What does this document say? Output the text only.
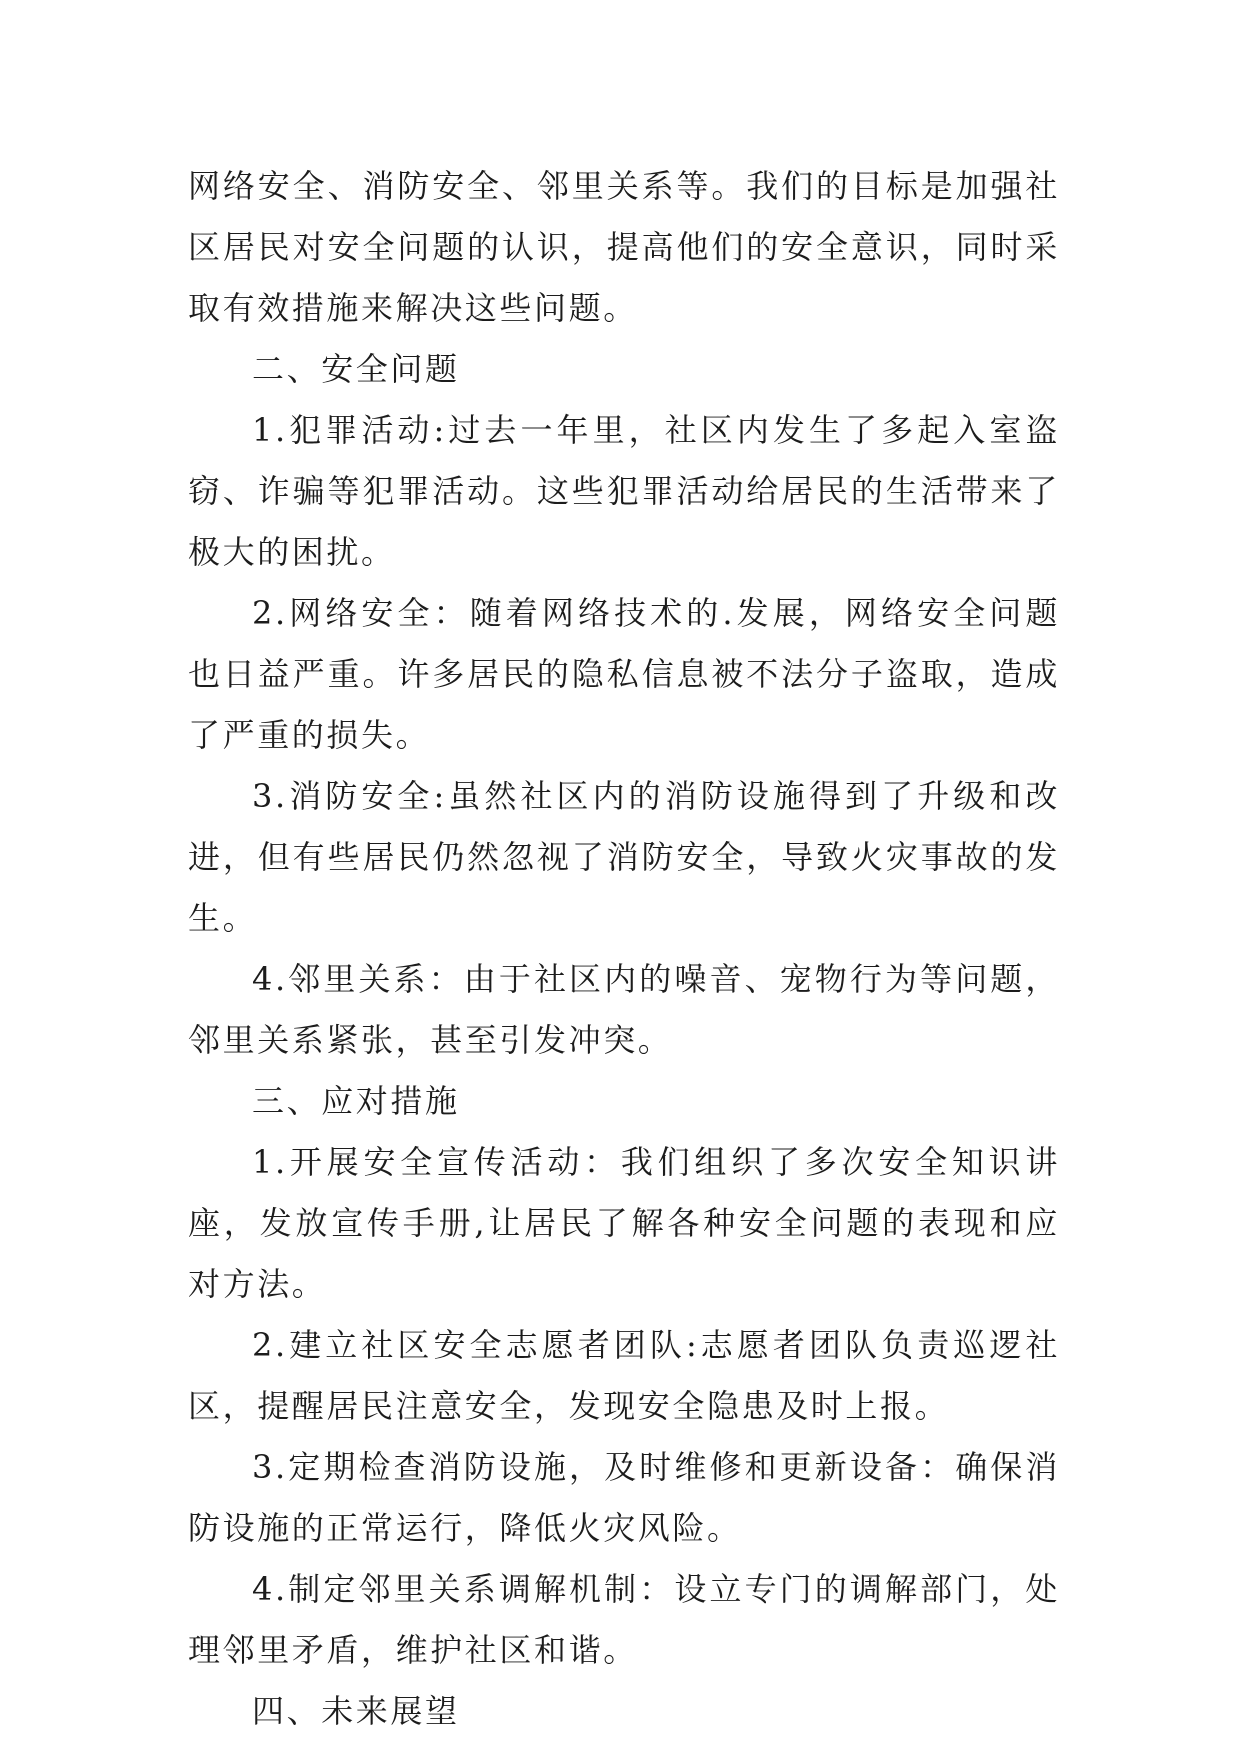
网络安全、消防安全、邻里关系等。我们的目标是加强社区居民对安全问题的认识，提高他们的安全意识，同时采取有效措施来解决这些问题。

二、安全问题

1.犯罪活动:过去一年里，社区内发生了多起入室盗窃、诈骗等犯罪活动。这些犯罪活动给居民的生活带来了极大的困扰。

2.网络安全：随着网络技术的.发展，网络安全问题也日益严重。许多居民的隐私信息被不法分子盗取，造成了严重的损失。

3.消防安全:虽然社区内的消防设施得到了升级和改进，但有些居民仍然忽视了消防安全，导致火灾事故的发生。

4.邻里关系：由于社区内的噪音、宠物行为等问题，邻里关系紧张，甚至引发冲突。

三、应对措施

1.开展安全宣传活动：我们组织了多次安全知识讲座，发放宣传手册,让居民了解各种安全问题的表现和应对方法。

2.建立社区安全志愿者团队:志愿者团队负责巡逻社区，提醒居民注意安全，发现安全隐患及时上报。

3.定期检查消防设施，及时维修和更新设备：确保消防设施的正常运行，降低火灾风险。

4.制定邻里关系调解机制：设立专门的调解部门，处理邻里矛盾，维护社区和谐。

四、未来展望
